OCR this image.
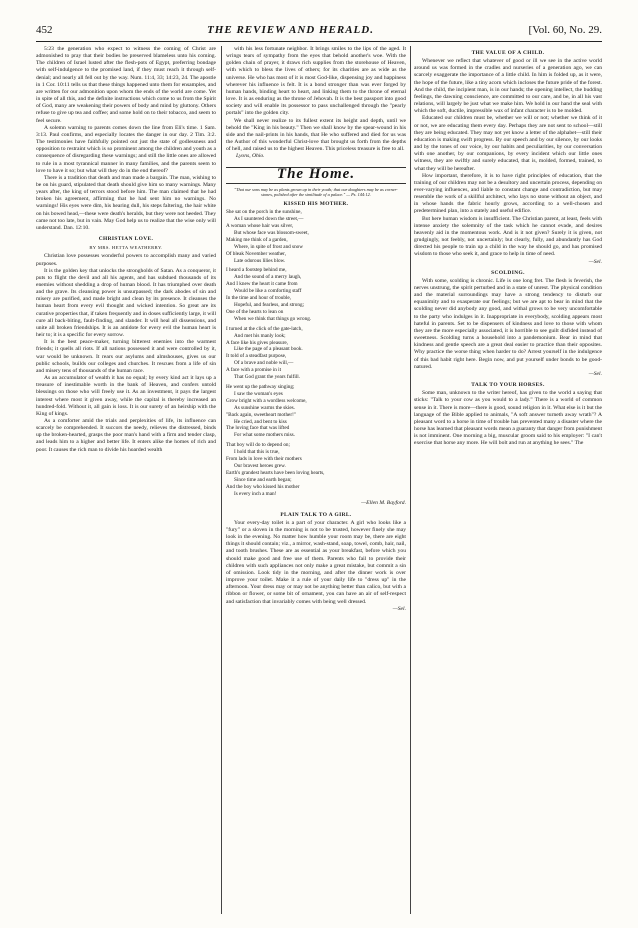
452	THE REVIEW AND HERALD.	[Vol. 60, No. 29.

5:23 the generation who expect to witness the coming of Christ are admonished to pray that their bodies be preserved blameless unto his coming. The children of Israel lusted after the flesh-pots of Egypt, preferring bondage with self-indulgence to the promised land, if they must reach it through self-denial; and nearly all fell out by the way. Num. 11:4, 33; 14:23, 24. The apostle in 1 Cor. 10:11 tells us that these things happened unto them for ensamples, and are written for our admonition upon whom the ends of the world are come. Yet in spite of all this, and the definite instructions which come to us from the Spirit of God, many are weakening their powers of body and mind by gluttony. Others refuse to give up tea and coffee; and some hold on to their tobacco, and seem to feel secure.

A solemn warning to parents comes down the line from Eli's time. 1 Sam. 3:13. Paul confirms, and especially locates the danger in our day. 2 Tim. 3:2. The testimonies have faithfully pointed out just the state of godlessness and opposition to restraint which is so prominent among the children and youth as a consequence of disregarding these warnings; and still the little ones are allowed to rule in a most tyrannical manner in many families, and the parents seem to love to have it so; but what will they do in the end thereof?

There is a tradition that death and man made a bargain. The man, wishing to be on his guard, stipulated that death should give him so many warnings. Many years after, the king of terrors stood before him. The man claimed that he had broken his agreement, affirming that he had sent him no warnings. No warnings! His eyes were dim, his hearing dull, his steps faltering, the hair white on his bowed head,—these were death's heralds, but they were not heeded. They came not too late, but in vain. May God help us to realize that the wise only will understand. Dan. 12:10.

CHRISTIAN LOVE.
BY MRS. HETTA WEATHERBY.

Christian love possesses wonderful powers to accomplish many and varied purposes.

It is the golden key that unlocks the strongholds of Satan. As a conqueror, it puts to flight the devil and all his agents, and has subdued thousands of its enemies without shedding a drop of human blood. It has triumphed over death and the grave. Its cleansing power is unsurpassed; the dark abodes of sin and misery are purified, and made bright and clean by its presence. It cleanses the human heart from every evil thought and wicked intention. So great are its curative properties that, if taken frequently and in doses sufficiently large, it will cure all back-biting, fault-finding, and slander. It will heal all dissensions, and unite all broken friendships. It is an antidote for every evil the human heart is heir to; it is a specific for every sorrow.

It is the best peace-maker, turning bitterest enemies into the warmest friends; it quells all riots. If all nations possessed it and were controlled by it, war would be unknown. It rears our asylums and almshouses, gives us our public schools, builds our colleges and churches. It rescues from a life of sin and misery tens of thousands of the human race.

As an accumulator of wealth it has no equal; by every kind act it lays up a treasure of inestimable worth in the bank of Heaven, and confers untold blessings on those who will freely use it. As an investment, it pays the largest interest where most it given away, while the capital is thereby increased an hundred-fold. Without it, all gain is loss. It is our surety of an heirship with the King of kings.

As a comforter amid the trials and perplexities of life, its influence can scarcely be comprehended. It succors the needy, relieves the distressed, binds up the broken-hearted, grasps the poor man's hand with a firm and tender clasp, and leads him to a higher and better life. It enters alike the homes of rich and poor. It causes the rich man to divide his hoarded wealth

with his less fortunate neighbor. It brings smiles to the lips of the aged. It wrings tears of sympathy from the eyes that behold another's woe. With the golden chain of prayer, it draws rich supplies from the storehouse of Heaven, with which to bless the lives of others; for its charities are as wide as the universe. He who has most of it is most God-like, dispensing joy and happiness wherever his influence is felt. It is a bond stronger than was ever forged by human hands, binding heart to heart, and linking them to the throne of eternal love. It is as enduring as the throne of Jehovah. It is the best passport into good society and will enable its possessor to pass unchallenged through the "pearly portals" into the golden city.

We shall never realize to its fullest extent its height and depth, until we behold the "King in his beauty." Then we shall know by the spear-wound in his side and the nail-prints in his hands, that He who suffered and died for us was the Author of this wonderful Christ-love that brought us forth from the depths of hell, and raised us to the highest Heaven. This priceless treasure is free to all.

Lyons, Ohio.

The Home.

"That our sons may be as plants grown up in their youth; that our daughters may be as corner-stones, polished after the similitude of a palace." — Ps. 144:12.

KISSED HIS MOTHER.
She sat on the porch in the sunshine,
As I sauntered down the street,—
A woman whose hair was silver,
But whose face was blossom-sweet,
Making me think of a garden,
Where, in spite of frost and snow
Of bleak November weather,
Late odorous lilies blow.
I heard a footstep behind me,
And the sound of a merry laugh,
And I knew the heart it came from
Would be like a comforting staff
In the time and hour of trouble,
Hopeful, and fearless, and strong;
One of the hearts to lean on
When we think that things go wrong.
I turned at the click of the gate-latch,
And met his manly look;
A face like his gives pleasure,
Like the page of a pleasant book.
It told of a steadfast purpose,
Of a brave and noble will,—
A face with a promise in it
That God grant the years fulfill.
He went up the pathway singing;
I saw the woman's eyes
Grow bright with a wordless welcome,
As sunshine warms the skies.
"Back again, sweetheart mother!"
He cried, and bent to kiss
The loving face that was lifted
For what some mothers miss.
That boy will do to depend on;
I hold that this is true,
From lads in love with their mothers
Our bravest heroes grew.
Earth's grandest hearts have been loving hearts,
Since time and earth began;
And the boy who kissed his mother
Is every inch a man!

—Ellen M. Bayford.

PLAIN TALK TO A GIRL.

Your every-day toilet is a part of your character. A girl who looks like a "fury" or a sloven in the morning is not to be trusted, however finely she may look in the evening. No matter how humble your room may be, there are eight things it should contain; viz., a mirror, wash-stand, soap, towel, comb, hair, nail, and tooth brushes. These are as essential as your breakfast, before which you should make good and free use of them. Parents who fail to provide their children with such appliances not only make a great mistake, but commit a sin of omission. Look tidy in the morning, and after the dinner work is over improve your toilet. Make it a rule of your daily life to "dress up" in the afternoon. Your dress may or may not be anything better than calico, but with a ribbon or flower, or some bit of ornament, you can have an air of self-respect and satisfaction that invariably comes with being well dressed.

—Sel.

THE VALUE OF A CHILD.

Whenever we reflect that whatever of good or ill we see in the active world around us was formed in the cradles and nurseries of a generation ago, we can scarcely exaggerate the importance of a little child. In him is folded up, as it were, the hope of the future, like a tiny acorn which incloses the future pride of the forest. And the child, the incipient man, is in our hands; the opening intellect, the budding feelings, the dawning conscience, are committed to our care, and be, in all his vast relations, will largely be just what we make him. We hold in our hand the seal with which the soft, ductile, impressible wax of infant character is to be molded.

Educated our children must be, whether we will or not; whether we think of it or not, we are educating them every day. Perhaps they are not sent to school—still they are being educated. They may not yet know a letter of the alphabet—still their education is making swift progress. By our speech and by our silence, by our looks and by the tones of our voice, by our habits and peculiarities, by our conversation with one another, by our companions, by every incident which our little ones witness, they are swiftly and surely educated, that is, molded, formed, trained, to what they will be hereafter.

How important, therefore, it is to have right principles of education, that the training of our children may not be a desultory and uncertain process, depending on ever-varying influences, and liable to constant change and contradiction, but may resemble the work of a skillful architect, who lays no stone without an object, and in whose hands the fabric hourly grows, according to a well-chosen and predetermined plan, into a stately and useful edifice.

But here human wisdom is insufficient. The Christian parent, at least, feels with intense anxiety the solemnity of the task which he cannot evade, and desires heavenly aid in the momentous work. And is it not given? Surely it is given, not grudgingly, not feebly, not uncertainly; but clearly, fully, and abundantly has God directed his people to train up a child in the way he should go, and has promised wisdom to those who seek it, and grace to help in time of need.

—Sel.

SCOLDING.

With some, scolding is chronic. Life is one long fret. The flesh is feverish, the nerves unstrung, the spirit perturbed and in a state of unrest. The physical condition and the material surroundings may have a strong tendency to disturb our equanimity and to exasperate our feelings; but we are apt to bear in mind that the scolding never did anybody any good, and withal grows to be very uncomfortable to the party who indulges in it. Inappropriate in everybody, scolding appears most hateful in parents. Set to be dispensers of kindness and love to those with whom they are the more especially associated, it is horrible to see guilt disfided instead of sweetness. Scolding turns a household into a pandemonium. Bear in mind that kindness and gentle speech are a great deal easier to practice than their opposites. Why practice the worse thing when harder to do? Arrest yourself in the indulgence of this bad habit right here. Begin now, and put yourself under bonds to be good-natured.

—Sel.

TALK TO YOUR HORSES.

Some man, unknown to the writer hereof, has given to the world a saying that sticks: "Talk to your cow as you would to a lady." There is a world of common sense in it. There is more—there is good, sound religion in it. What else is it but the language of the Bible applied to animals, "A soft answer turneth away wrath"? A pleasant word to a horse in time of trouble has prevented many a disaster where the horse has learned that pleasant words mean a guaranty that danger from punishment is not imminent. One morning a big, muscular groom said to his employer: "I can't exercise that horse any more. He will bolt and run at anything he sees." The
